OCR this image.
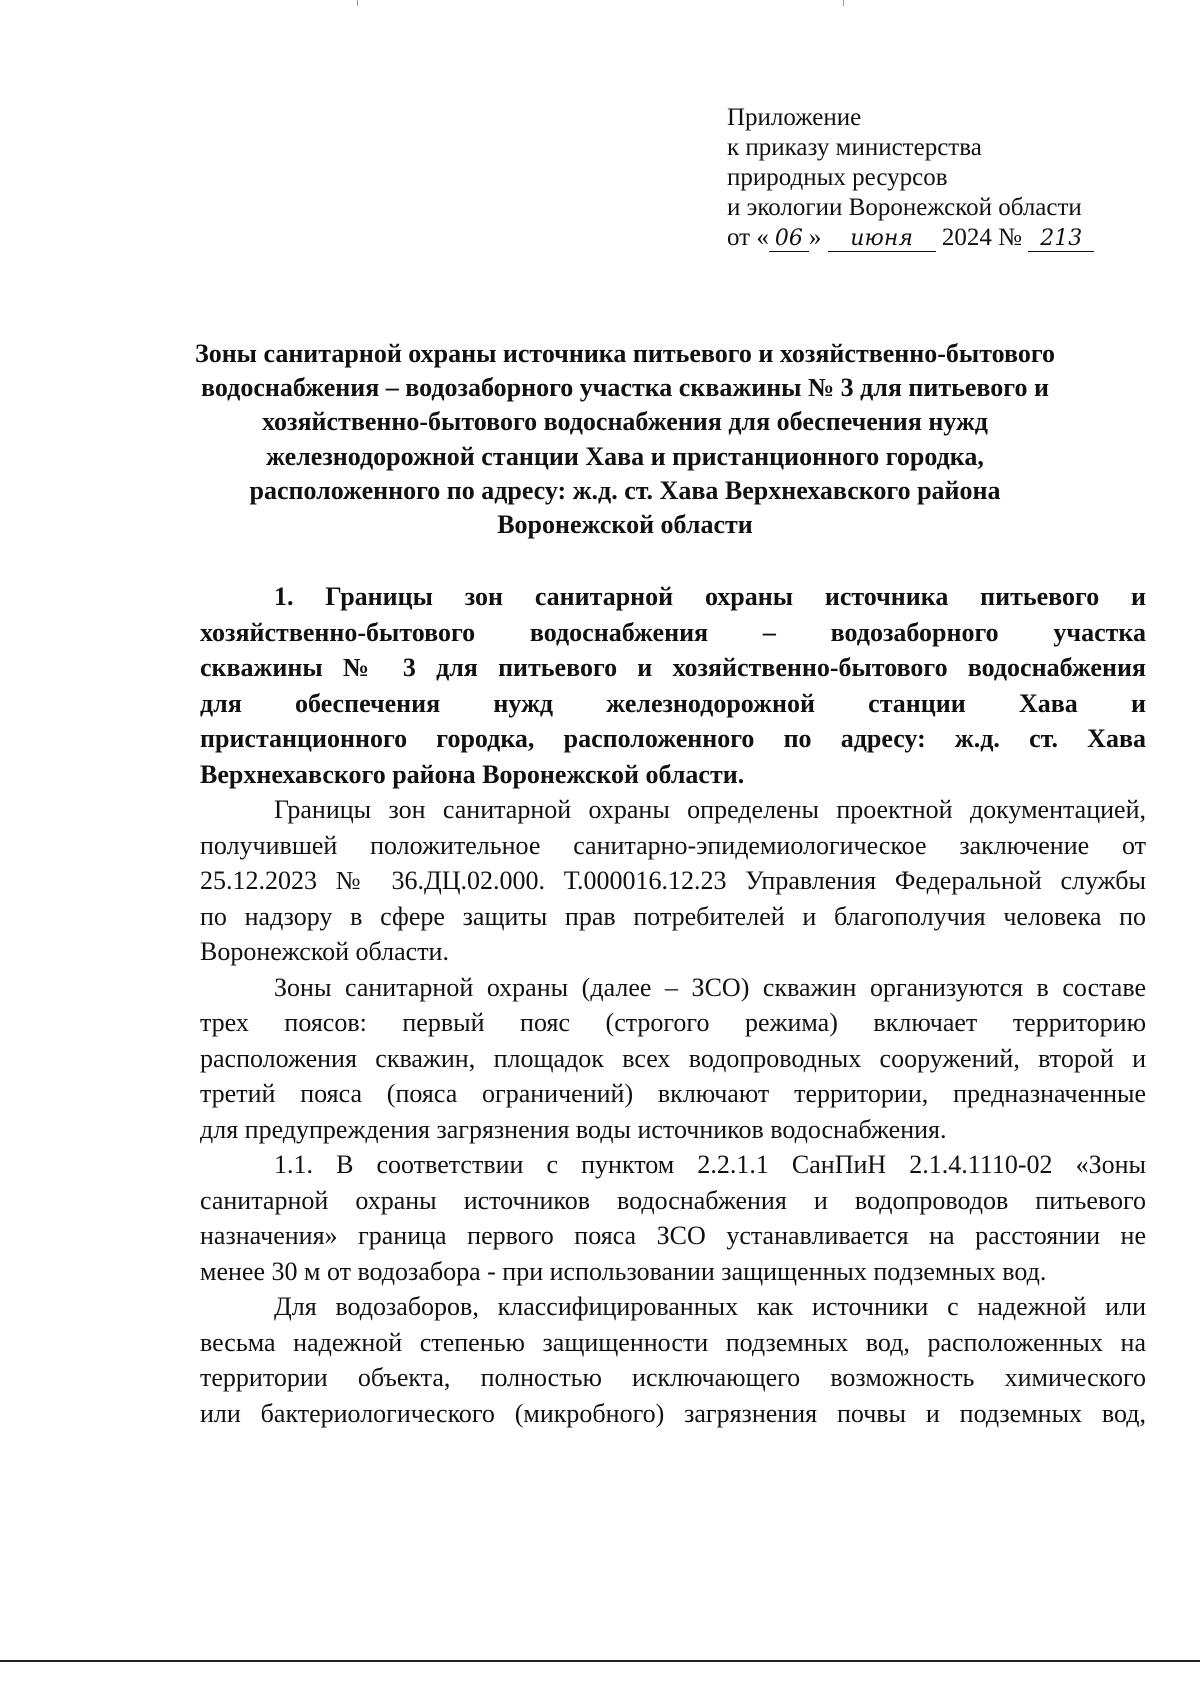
Приложение
к приказу министерства
природных ресурсов
и экологии Воронежской области
от « 06 » июня 2024 № 213
Зоны санитарной охраны источника питьевого и хозяйственно-бытового
водоснабжения – водозаборного участка скважины № 3 для питьевого и
хозяйственно-бытового водоснабжения для обеспечения нужд
железнодорожной станции Хава и пристанционного городка,
расположенного по адресу: ж.д. ст. Хава Верхнехавского района
Воронежской области
1. Границы зон санитарной охраны источника питьевого и
хозяйственно-бытового водоснабжения – водозаборного участка
скважины № 3 для питьевого и хозяйственно-бытового водоснабжения
для обеспечения нужд железнодорожной станции Хава и
пристанционного городка, расположенного по адресу: ж.д. ст. Хава
Верхнехавского района Воронежской области.
Границы зон санитарной охраны определены проектной документацией,
получившей положительное санитарно-эпидемиологическое заключение от
25.12.2023 № 36.ДЦ.02.000. Т.000016.12.23 Управления Федеральной службы
по надзору в сфере защиты прав потребителей и благополучия человека по
Воронежской области.
Зоны санитарной охраны (далее – ЗСО) скважин организуются в составе
трех поясов: первый пояс (строгого режима) включает территорию
расположения скважин, площадок всех водопроводных сооружений, второй и
третий пояса (пояса ограничений) включают территории, предназначенные
для предупреждения загрязнения воды источников водоснабжения.
1.1. В соответствии с пунктом 2.2.1.1 СанПиН 2.1.4.1110-02 «Зоны
санитарной охраны источников водоснабжения и водопроводов питьевого
назначения» граница первого пояса ЗСО устанавливается на расстоянии не
менее 30 м от водозабора - при использовании защищенных подземных вод.
Для водозаборов, классифицированных как источники с надежной или
весьма надежной степенью защищенности подземных вод, расположенных на
территории объекта, полностью исключающего возможность химического
или бактериологического (микробного) загрязнения почвы и подземных вод,
